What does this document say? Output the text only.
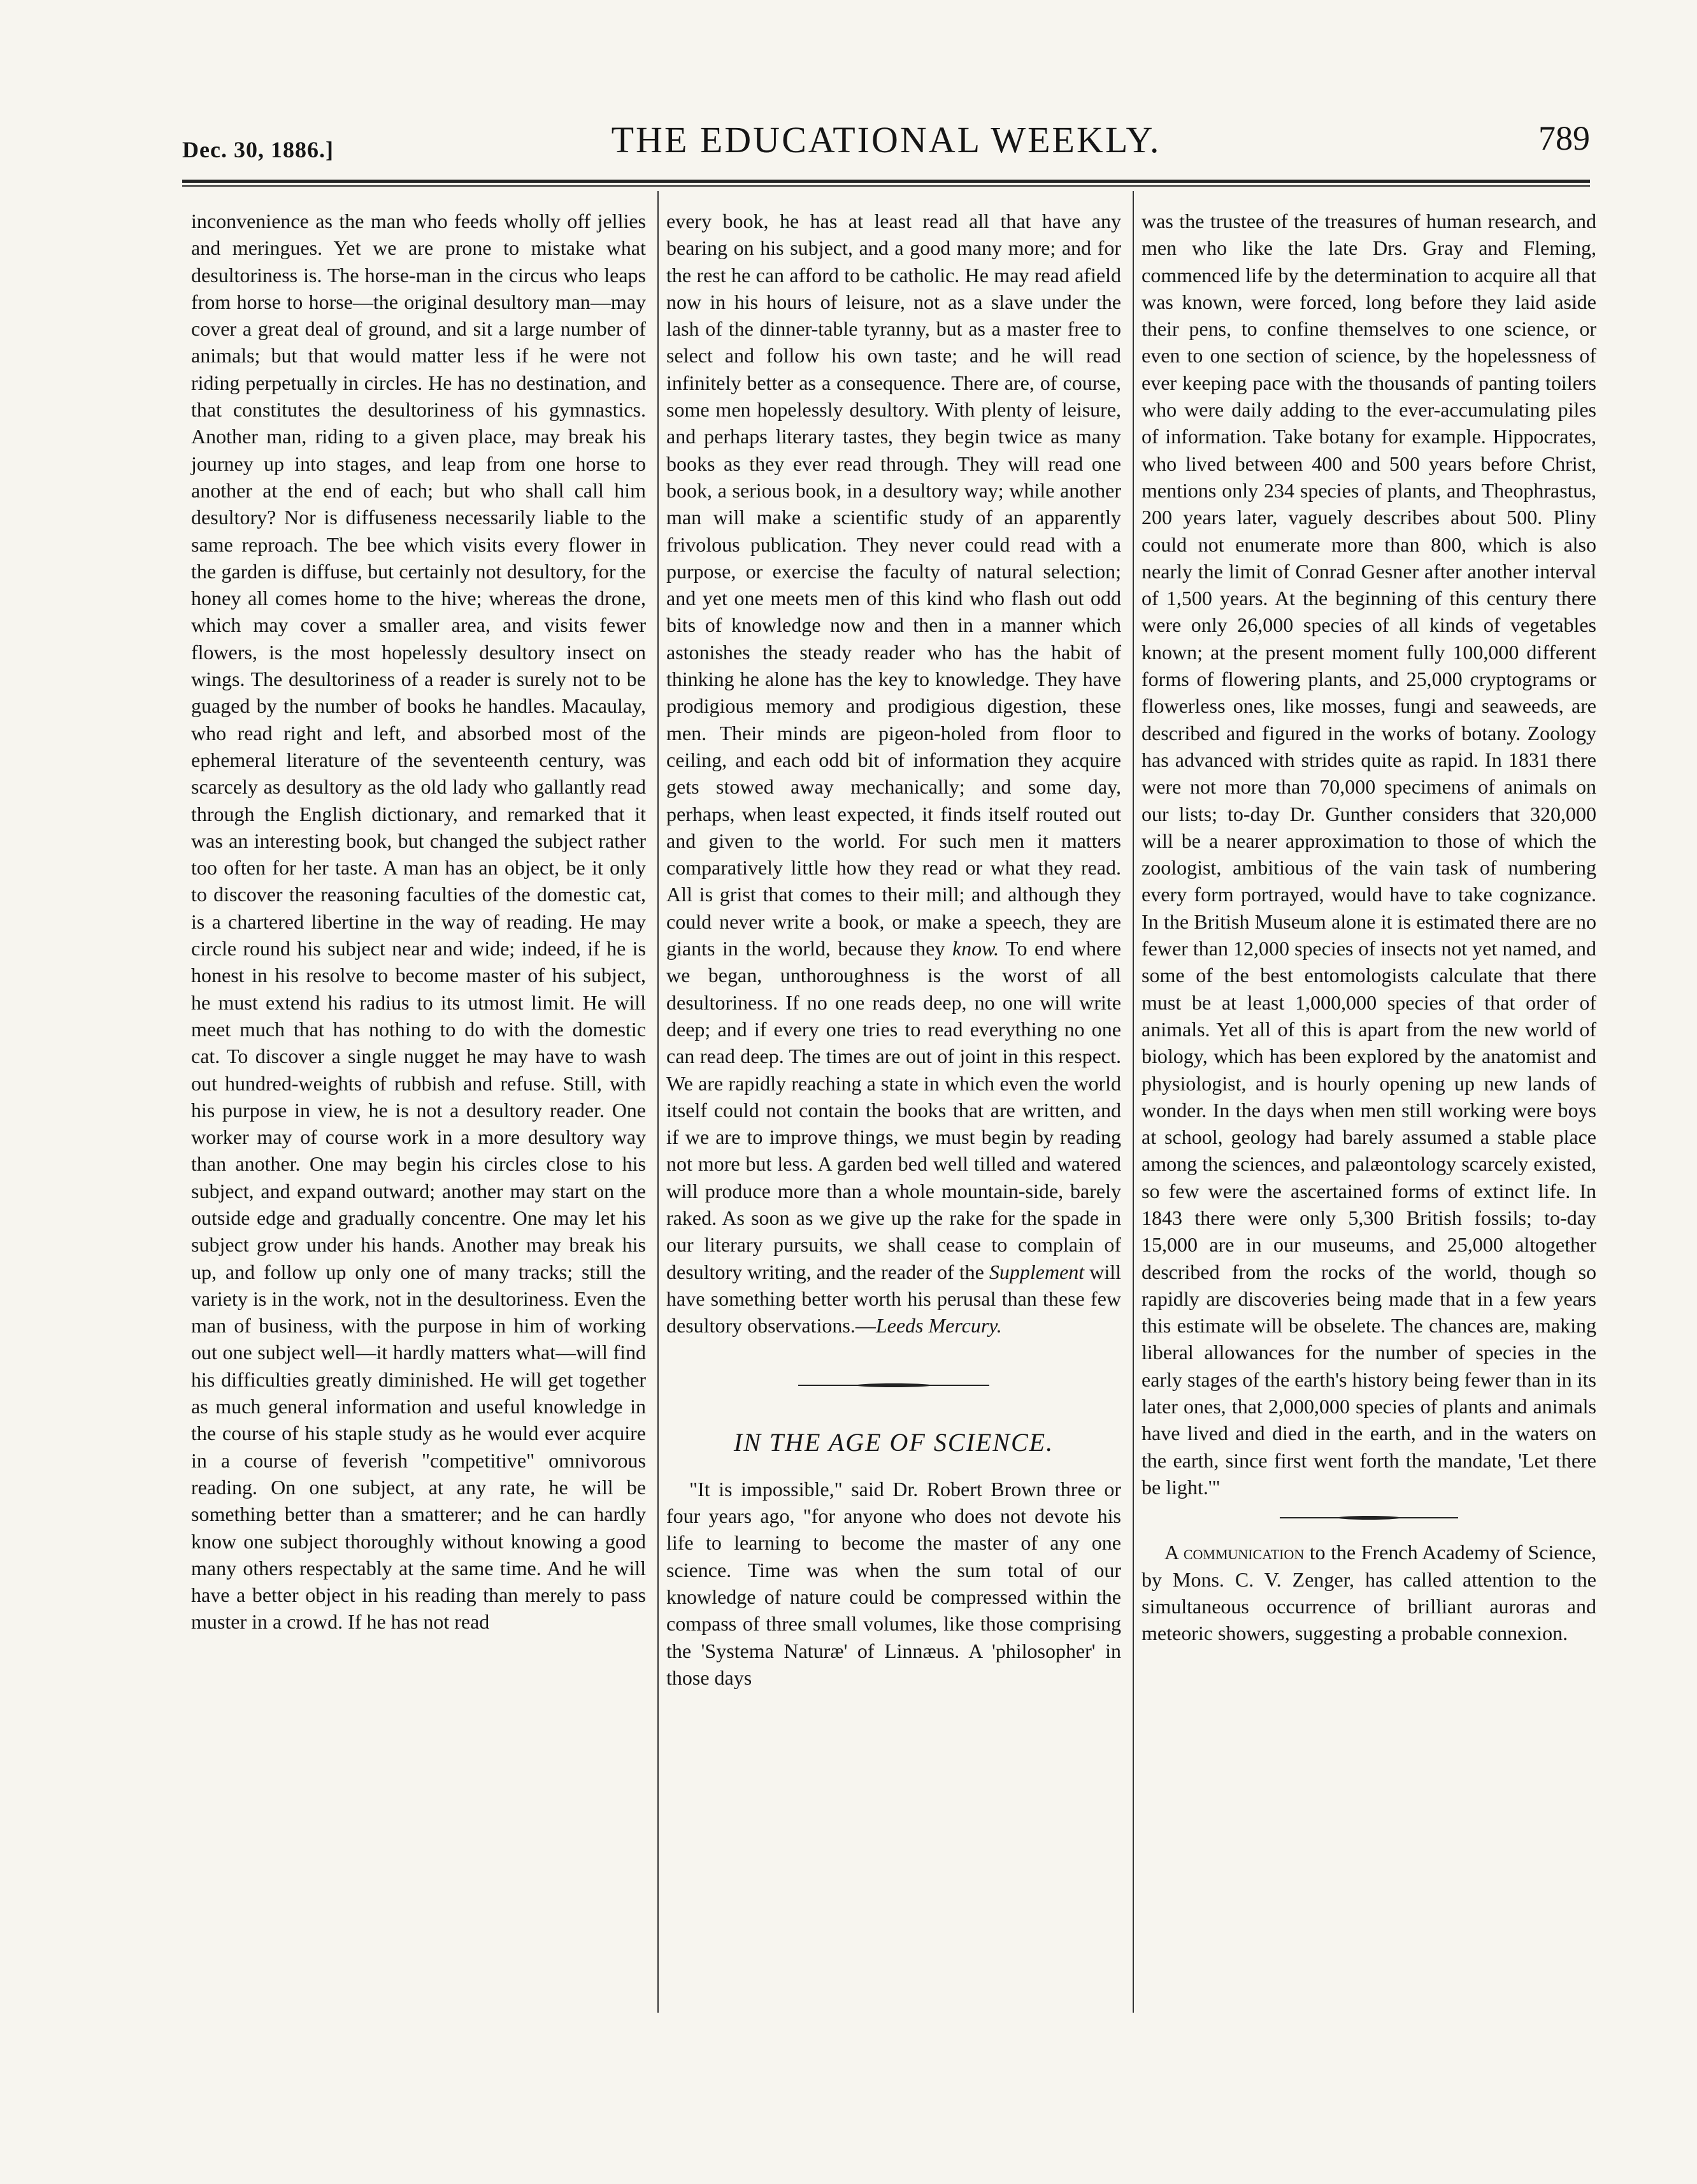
Dec. 30, 1886.]	THE EDUCATIONAL WEEKLY.	789

inconvenience as the man who feeds wholly off jellies and meringues. Yet we are prone to mistake what desultoriness is. The horse-man in the circus who leaps from horse to horse—the original desultory man—may cover a great deal of ground, and sit a large number of animals; but that would matter less if he were not riding perpetually in circles. He has no destination, and that constitutes the desultoriness of his gymnastics. Another man, riding to a given place, may break his journey up into stages, and leap from one horse to another at the end of each; but who shall call him desultory? Nor is diffuseness necessarily liable to the same reproach. The bee which visits every flower in the garden is diffuse, but certainly not desultory, for the honey all comes home to the hive; whereas the drone, which may cover a smaller area, and visits fewer flowers, is the most hopelessly desultory insect on wings. The desultoriness of a reader is surely not to be guaged by the number of books he handles. Macaulay, who read right and left, and absorbed most of the ephemeral literature of the seventeenth century, was scarcely as desultory as the old lady who gallantly read through the English dictionary, and remarked that it was an interesting book, but changed the subject rather too often for her taste. A man has an object, be it only to discover the reasoning faculties of the domestic cat, is a chartered libertine in the way of reading. He may circle round his subject near and wide; indeed, if he is honest in his resolve to become master of his subject, he must extend his radius to its utmost limit. He will meet much that has nothing to do with the domestic cat. To discover a single nugget he may have to wash out hundred-weights of rubbish and refuse. Still, with his purpose in view, he is not a desultory reader. One worker may of course work in a more desultory way than another. One may begin his circles close to his subject, and expand outward; another may start on the outside edge and gradually concentre. One may let his subject grow under his hands. Another may break his up, and follow up only one of many tracks; still the variety is in the work, not in the desultoriness. Even the man of business, with the purpose in him of working out one subject well—it hardly matters what—will find his difficulties greatly diminished. He will get together as much general information and useful knowledge in the course of his staple study as he would ever acquire in a course of feverish "competitive" omnivorous reading. On one subject, at any rate, he will be something better than a smatterer; and he can hardly know one subject thoroughly without knowing a good many others respectably at the same time. And he will have a better object in his reading than merely to pass muster in a crowd. If he has not read

every book, he has at least read all that have any bearing on his subject, and a good many more; and for the rest he can afford to be catholic. He may read afield now in his hours of leisure, not as a slave under the lash of the dinner-table tyranny, but as a master free to select and follow his own taste; and he will read infinitely better as a consequence. There are, of course, some men hopelessly desultory. With plenty of leisure, and perhaps literary tastes, they begin twice as many books as they ever read through. They will read one book, a serious book, in a desultory way; while another man will make a scientific study of an apparently frivolous publication. They never could read with a purpose, or exercise the faculty of natural selection; and yet one meets men of this kind who flash out odd bits of knowledge now and then in a manner which astonishes the steady reader who has the habit of thinking he alone has the key to knowledge. They have prodigious memory and prodigious digestion, these men. Their minds are pigeon-holed from floor to ceiling, and each odd bit of information they acquire gets stowed away mechanically; and some day, perhaps, when least expected, it finds itself routed out and given to the world. For such men it matters comparatively little how they read or what they read. All is grist that comes to their mill; and although they could never write a book, or make a speech, they are giants in the world, because they know. To end where we began, unthoroughness is the worst of all desultoriness. If no one reads deep, no one will write deep; and if every one tries to read everything no one can read deep. The times are out of joint in this respect. We are rapidly reaching a state in which even the world itself could not contain the books that are written, and if we are to improve things, we must begin by reading not more but less. A garden bed well tilled and watered will produce more than a whole mountain-side, barely raked. As soon as we give up the rake for the spade in our literary pursuits, we shall cease to complain of desultory writing, and the reader of the Supplement will have something better worth his perusal than these few desultory observations.—Leeds Mercury.

IN THE AGE OF SCIENCE.

"It is impossible," said Dr. Robert Brown three or four years ago, "for anyone who does not devote his life to learning to become the master of any one science. Time was when the sum total of our knowledge of nature could be compressed within the compass of three small volumes, like those comprising the 'Systema Naturæ' of Linnæus. A 'philosopher' in those days

was the trustee of the treasures of human research, and men who like the late Drs. Gray and Fleming, commenced life by the determination to acquire all that was known, were forced, long before they laid aside their pens, to confine themselves to one science, or even to one section of science, by the hopelessness of ever keeping pace with the thousands of panting toilers who were daily adding to the ever-accumulating piles of information. Take botany for example. Hippocrates, who lived between 400 and 500 years before Christ, mentions only 234 species of plants, and Theophrastus, 200 years later, vaguely describes about 500. Pliny could not enumerate more than 800, which is also nearly the limit of Conrad Gesner after another interval of 1,500 years. At the beginning of this century there were only 26,000 species of all kinds of vegetables known; at the present moment fully 100,000 different forms of flowering plants, and 25,000 cryptograms or flowerless ones, like mosses, fungi and seaweeds, are described and figured in the works of botany. Zoology has advanced with strides quite as rapid. In 1831 there were not more than 70,000 specimens of animals on our lists; to-day Dr. Gunther considers that 320,000 will be a nearer approximation to those of which the zoologist, ambitious of the vain task of numbering every form portrayed, would have to take cognizance. In the British Museum alone it is estimated there are no fewer than 12,000 species of insects not yet named, and some of the best entomologists calculate that there must be at least 1,000,000 species of that order of animals. Yet all of this is apart from the new world of biology, which has been explored by the anatomist and physiologist, and is hourly opening up new lands of wonder. In the days when men still working were boys at school, geology had barely assumed a stable place among the sciences, and palæontology scarcely existed, so few were the ascertained forms of extinct life. In 1843 there were only 5,300 British fossils; to-day 15,000 are in our museums, and 25,000 altogether described from the rocks of the world, though so rapidly are discoveries being made that in a few years this estimate will be obselete. The chances are, making liberal allowances for the number of species in the early stages of the earth's history being fewer than in its later ones, that 2,000,000 species of plants and animals have lived and died in the earth, and in the waters on the earth, since first went forth the mandate, 'Let there be light.'"

A communication to the French Academy of Science, by Mons. C. V. Zenger, has called attention to the simultaneous occurrence of brilliant auroras and meteoric showers, suggesting a probable connexion.
